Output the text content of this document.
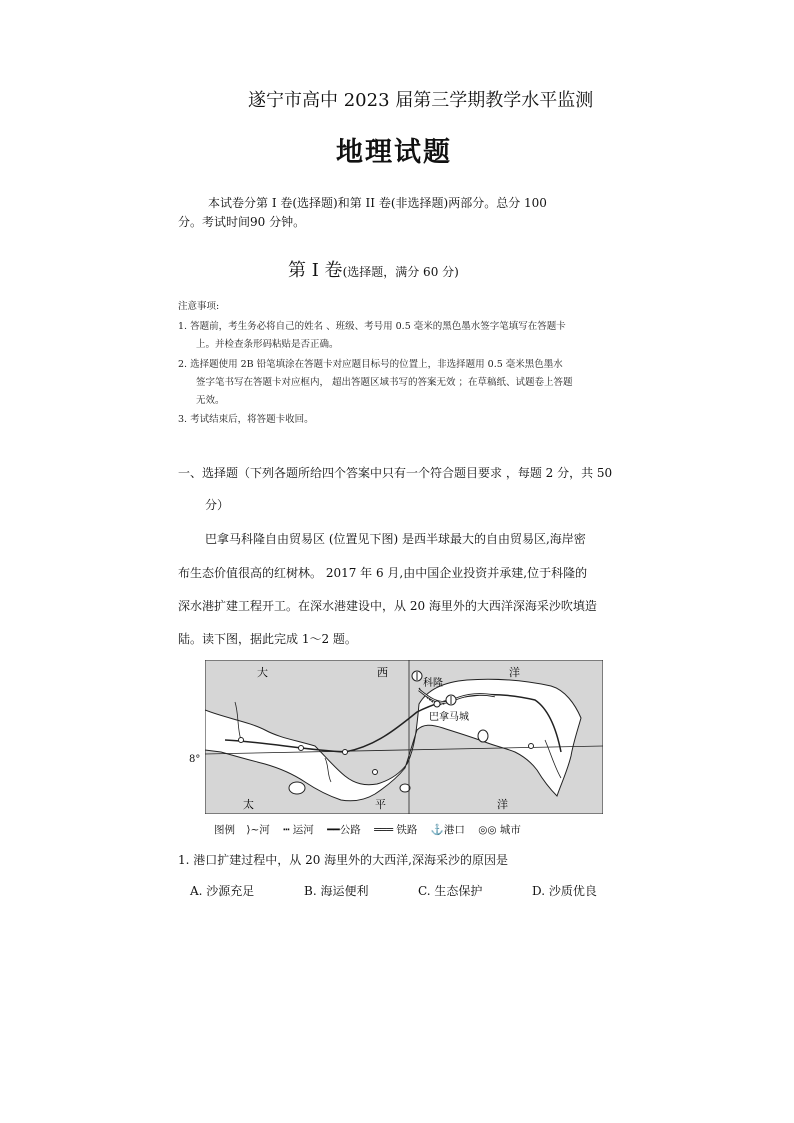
遂宁市高中 2023 届第三学期教学水平监测
地理试题
本试卷分第 I 卷(选择题)和第 II 卷(非选择题)两部分。总分 100
分。考试时间90 分钟。
第 I 卷(选择题，满分 60 分)
注意事项:
1. 答题前，考生务必将自己的姓名 、班级、考号用 0.5 毫米的黑色墨水签字笔填写在答题卡
上。并检查条形码粘贴是否正确。
2. 选择题使用 2B 铅笔填涂在答题卡对应题目标号的位置上，非选择题用 0.5 毫米黑色墨水
签字笔书写在答题卡对应框内， 超出答题区域书写的答案无效 ；在草稿纸、试题卷上答题
无效。
3. 考试结束后，将答题卡收回。
一、选择题（下列各题所给四个答案中只有一个符合题目要求 ，每题 2 分，共 50
分）
巴拿马科隆自由贸易区 (位置见下图) 是西半球最大的自由贸易区,海岸密
布生态价值很高的红树林。 2017 年 6 月,由中国企业投资并承建,位于科隆的
深水港扩建工程开工。在深水港建设中，从 20 海里外的大西洋深海采沙吹填造
陆。读下图，据此完成 1～2 题。
大	西	洋
太	平	洋
科隆
巴拿马城
8°
图例 ⟩~河 ┅ 运河 ━━公路 ═══ 铁路 ⚓港口 ◎◎ 城市
1. 港口扩建过程中，从 20 海里外的大西洋,深海采沙的原因是
A. 沙源充足	B. 海运便利	C. 生态保护	D. 沙质优良
